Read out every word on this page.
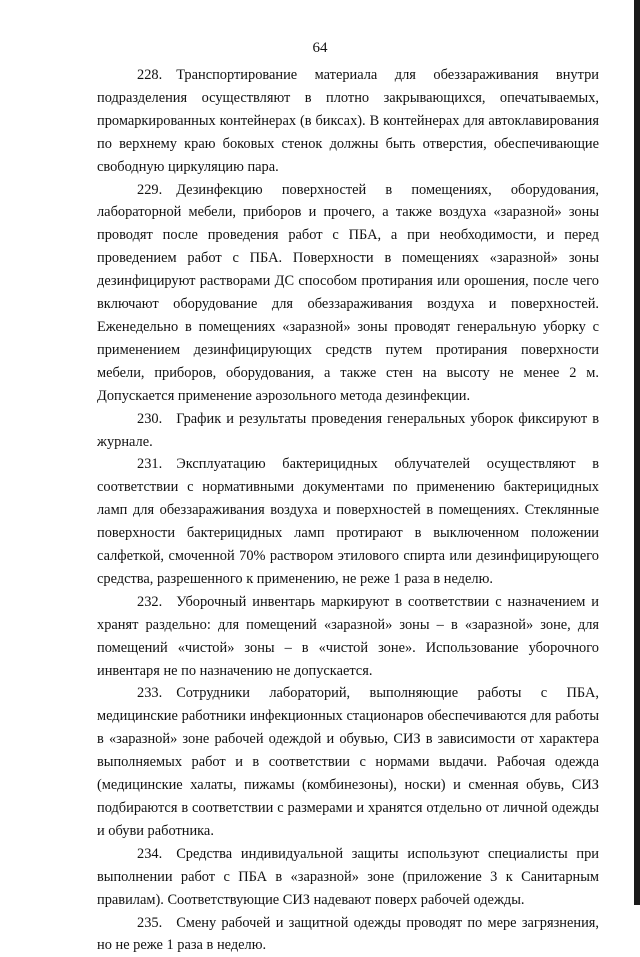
64

228. Транспортирование материала для обеззараживания внутри подразделения осуществляют в плотно закрывающихся, опечатываемых, промаркированных контейнерах (в биксах). В контейнерах для автоклавирования по верхнему краю боковых стенок должны быть отверстия, обеспечивающие свободную циркуляцию пара.

229. Дезинфекцию поверхностей в помещениях, оборудования, лабораторной мебели, приборов и прочего, а также воздуха «заразной» зоны проводят после проведения работ с ПБА, а при необходимости, и перед проведением работ с ПБА. Поверхности в помещениях «заразной» зоны дезинфицируют растворами ДС способом протирания или орошения, после чего включают оборудование для обеззараживания воздуха и поверхностей. Еженедельно в помещениях «заразной» зоны проводят генеральную уборку с применением дезинфицирующих средств путем протирания поверхности мебели, приборов, оборудования, а также стен на высоту не менее 2 м. Допускается применение аэрозольного метода дезинфекции.

230. График и результаты проведения генеральных уборок фиксируют в журнале.

231. Эксплуатацию бактерицидных облучателей осуществляют в соответствии с нормативными документами по применению бактерицидных ламп для обеззараживания воздуха и поверхностей в помещениях. Стеклянные поверхности бактерицидных ламп протирают в выключенном положении салфеткой, смоченной 70% раствором этилового спирта или дезинфицирующего средства, разрешенного к применению, не реже 1 раза в неделю.

232. Уборочный инвентарь маркируют в соответствии с назначением и хранят раздельно: для помещений «заразной» зоны – в «заразной» зоне, для помещений «чистой» зоны – в «чистой зоне». Использование уборочного инвентаря не по назначению не допускается.

233. Сотрудники лабораторий, выполняющие работы с ПБА, медицинские работники инфекционных стационаров обеспечиваются для работы в «заразной» зоне рабочей одеждой и обувью, СИЗ в зависимости от характера выполняемых работ и в соответствии с нормами выдачи. Рабочая одежда (медицинские халаты, пижамы (комбинезоны), носки) и сменная обувь, СИЗ подбираются в соответствии с размерами и хранятся отдельно от личной одежды и обуви работника.

234. Средства индивидуальной защиты используют специалисты при выполнении работ с ПБА в «заразной» зоне (приложение 3 к Санитарным правилам). Соответствующие СИЗ надевают поверх рабочей одежды.

235. Смену рабочей и защитной одежды проводят по мере загрязнения, но не реже 1 раза в неделю.
